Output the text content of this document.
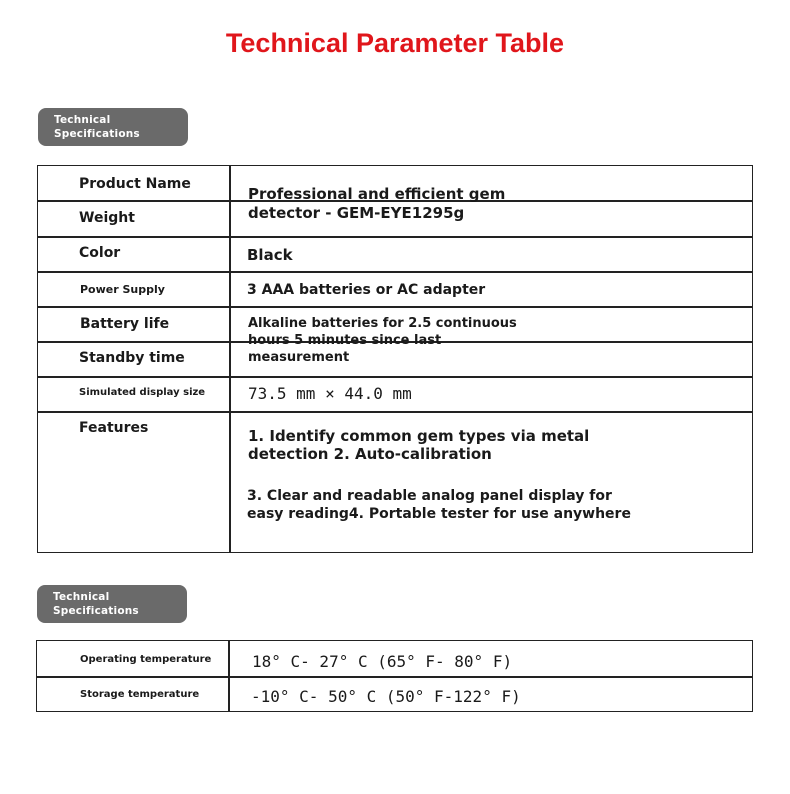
Technical Parameter Table
Technical
Specifications
Product Name
Weight
Color
Power Supply
Battery life
Standby time
Simulated display size
Features
Professional and efficient gem
detector - GEM-EYE1295g
Black
3 AAA batteries or AC adapter
Alkaline batteries for 2.5 continuous
hours 5 minutes since last
measurement
73.5 mm × 44.0 mm
1. Identify common gem types via metal
detection 2. Auto-calibration
3. Clear and readable analog panel display for
easy reading4. Portable tester for use anywhere
Technical
Specifications
Operating temperature
Storage temperature
18° C- 27° C (65° F- 80° F)
-10° C- 50° C (50° F-122° F)
